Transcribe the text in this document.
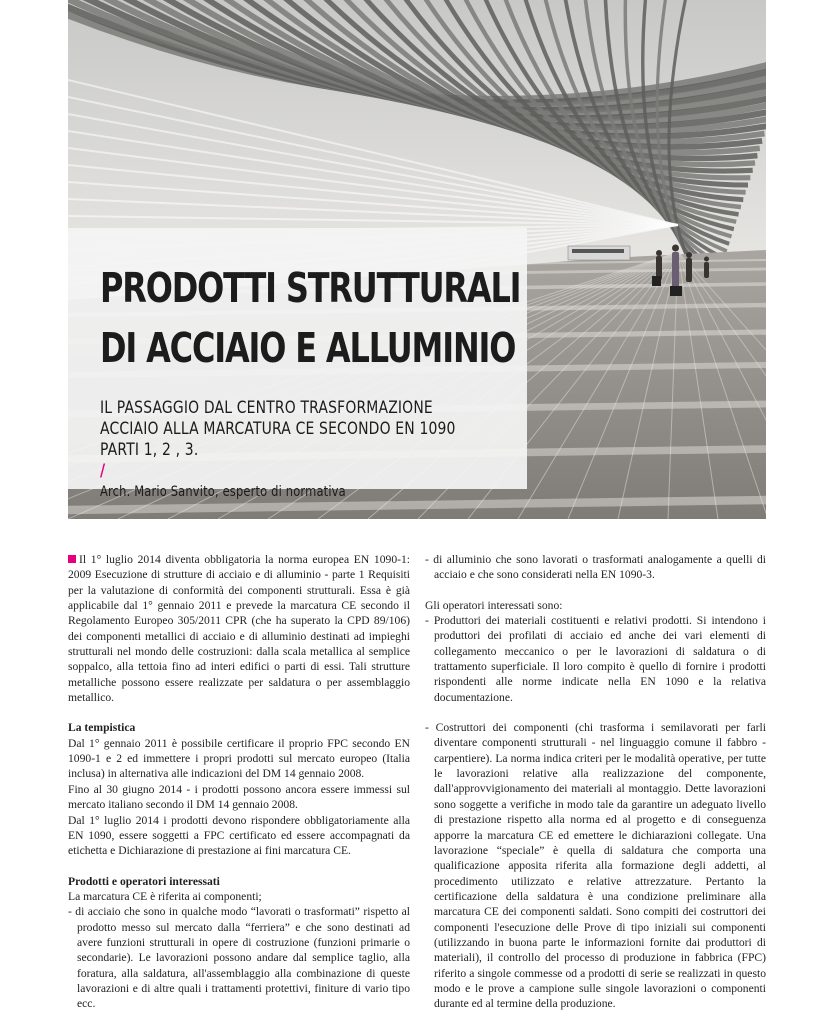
PRODOTTI STRUTTURALI
DI ACCIAIO E ALLUMINIO
IL PASSAGGIO DAL CENTRO TRASFORMAZIONE
ACCIAIO ALLA MARCATURA CE SECONDO EN 1090
PARTI 1, 2 , 3.
/
Arch. Mario Sanvito, esperto di normativa

Il 1° luglio 2014 diventa obbligatoria la norma europea EN 1090-1: 2009 Esecuzione di strutture di acciaio e di alluminio - parte 1 Requisiti per la valutazione di conformità dei componenti strutturali. Essa è già applicabile dal 1° gennaio 2011 e prevede la marcatura CE secondo il Regolamento Europeo 305/2011 CPR (che ha superato la CPD 89/106) dei componenti metallici di acciaio e di alluminio destinati ad impieghi strutturali nel mondo delle costruzioni: dalla scala metallica al semplice soppalco, alla tettoia fino ad interi edifici o parti di essi. Tali strutture metalliche possono essere realizzate per saldatura o per assemblaggio metallico.

La tempistica

Dal 1° gennaio 2011 è possibile certificare il proprio FPC secondo EN 1090-1 e 2 ed immettere i propri prodotti sul mercato europeo (Italia inclusa) in alternativa alle indicazioni del DM 14 gennaio 2008.

Fino al 30 giugno 2014 - i prodotti possono ancora essere immessi sul mercato italiano secondo il DM 14 gennaio 2008.

Dal 1° luglio 2014 i prodotti devono rispondere obbligatoriamente alla EN 1090, essere soggetti a FPC certificato ed essere accompagnati da etichetta e Dichiarazione di prestazione ai fini marcatura CE.

Prodotti e operatori interessati

La marcatura CE è riferita ai componenti;

- di acciaio che sono in qualche modo “lavorati o trasformati” rispetto al prodotto messo sul mercato dalla “ferriera” e che sono destinati ad avere funzioni strutturali in opere di costruzione (funzioni primarie o secondarie). Le lavorazioni possono andare dal semplice taglio, alla foratura, alla saldatura, all'assemblaggio alla combinazione di queste lavorazioni e di altre quali i trattamenti protettivi, finiture di vario tipo ecc.

- di alluminio che sono lavorati o trasformati analogamente a quelli di acciaio e che sono considerati nella EN 1090-3.

Gli operatori interessati sono:

- Produttori dei materiali costituenti e relativi prodotti. Si intendono i produttori dei profilati di acciaio ed anche dei vari elementi di collegamento meccanico o per le lavorazioni di saldatura o di trattamento superficiale. Il loro compito è quello di fornire i prodotti rispondenti alle norme indicate nella EN 1090 e la relativa documentazione.

- Costruttori dei componenti (chi trasforma i semilavorati per farli diventare componenti strutturali - nel linguaggio comune il fabbro - carpentiere). La norma indica criteri per le modalità operative, per tutte le lavorazioni relative alla realizzazione del componente, dall'approvvigionamento dei materiali al montaggio. Dette lavorazioni sono soggette a verifiche in modo tale da garantire un adeguato livello di prestazione rispetto alla norma ed al progetto e di conseguenza apporre la marcatura CE ed emettere le dichiarazioni collegate. Una lavorazione “speciale” è quella di saldatura che comporta una qualificazione apposita riferita alla formazione degli addetti, al procedimento utilizzato e relative attrezzature. Pertanto la certificazione della saldatura è una condizione preliminare alla marcatura CE dei componenti saldati. Sono compiti dei costruttori dei componenti l'esecuzione delle Prove di tipo iniziali sui componenti (utilizzando in buona parte le informazioni fornite dai produttori di materiali), il controllo del processo di produzione in fabbrica (FPC) riferito a singole commesse od a prodotti di serie se realizzati in questo modo e le prove a campione sulle singole lavorazioni o componenti durante ed al termine della produzione.
